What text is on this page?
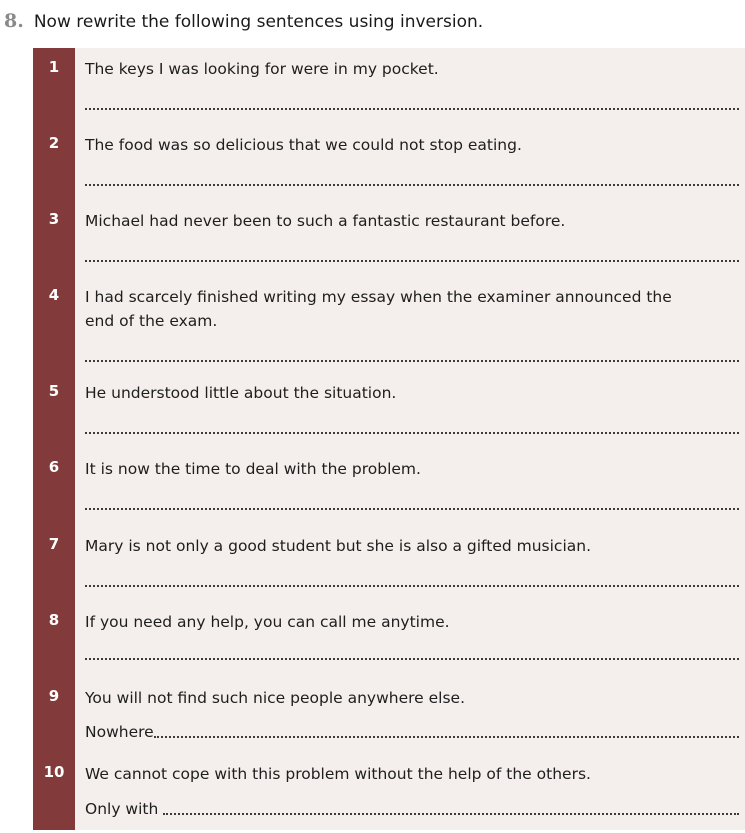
8. Now rewrite the following sentences using inversion.
1	The keys I was looking for were in my pocket.
2	The food was so delicious that we could not stop eating.
3	Michael had never been to such a fantastic restaurant before.
4	I had scarcely finished writing my essay when the examiner announced the end of the exam.
5	He understood little about the situation.
6	It is now the time to deal with the problem.
7	Mary is not only a good student but she is also a gifted musician.
8	If you need any help, you can call me anytime.
9	You will not find such nice people anywhere else.
Nowhere
10	We cannot cope with this problem without the help of the others.
Only with
